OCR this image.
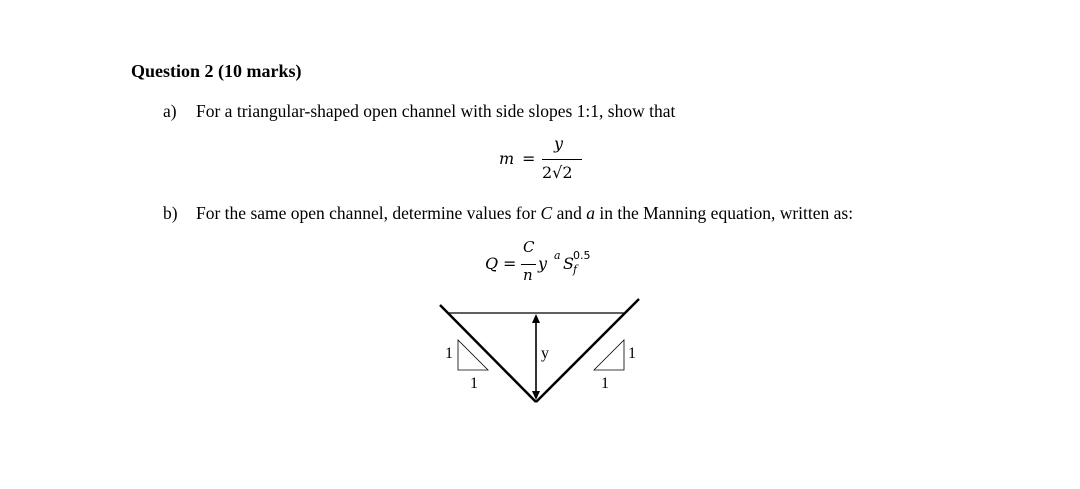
Question 2 (10 marks)
a) For a triangular-shaped open channel with side slopes 1:1, show that
m =
y
2√2
b) For the same open channel, determine values for C and a in the Manning equation, written as:
Q =
C
n
y a S 0.5
f
y
1
1
1
1
